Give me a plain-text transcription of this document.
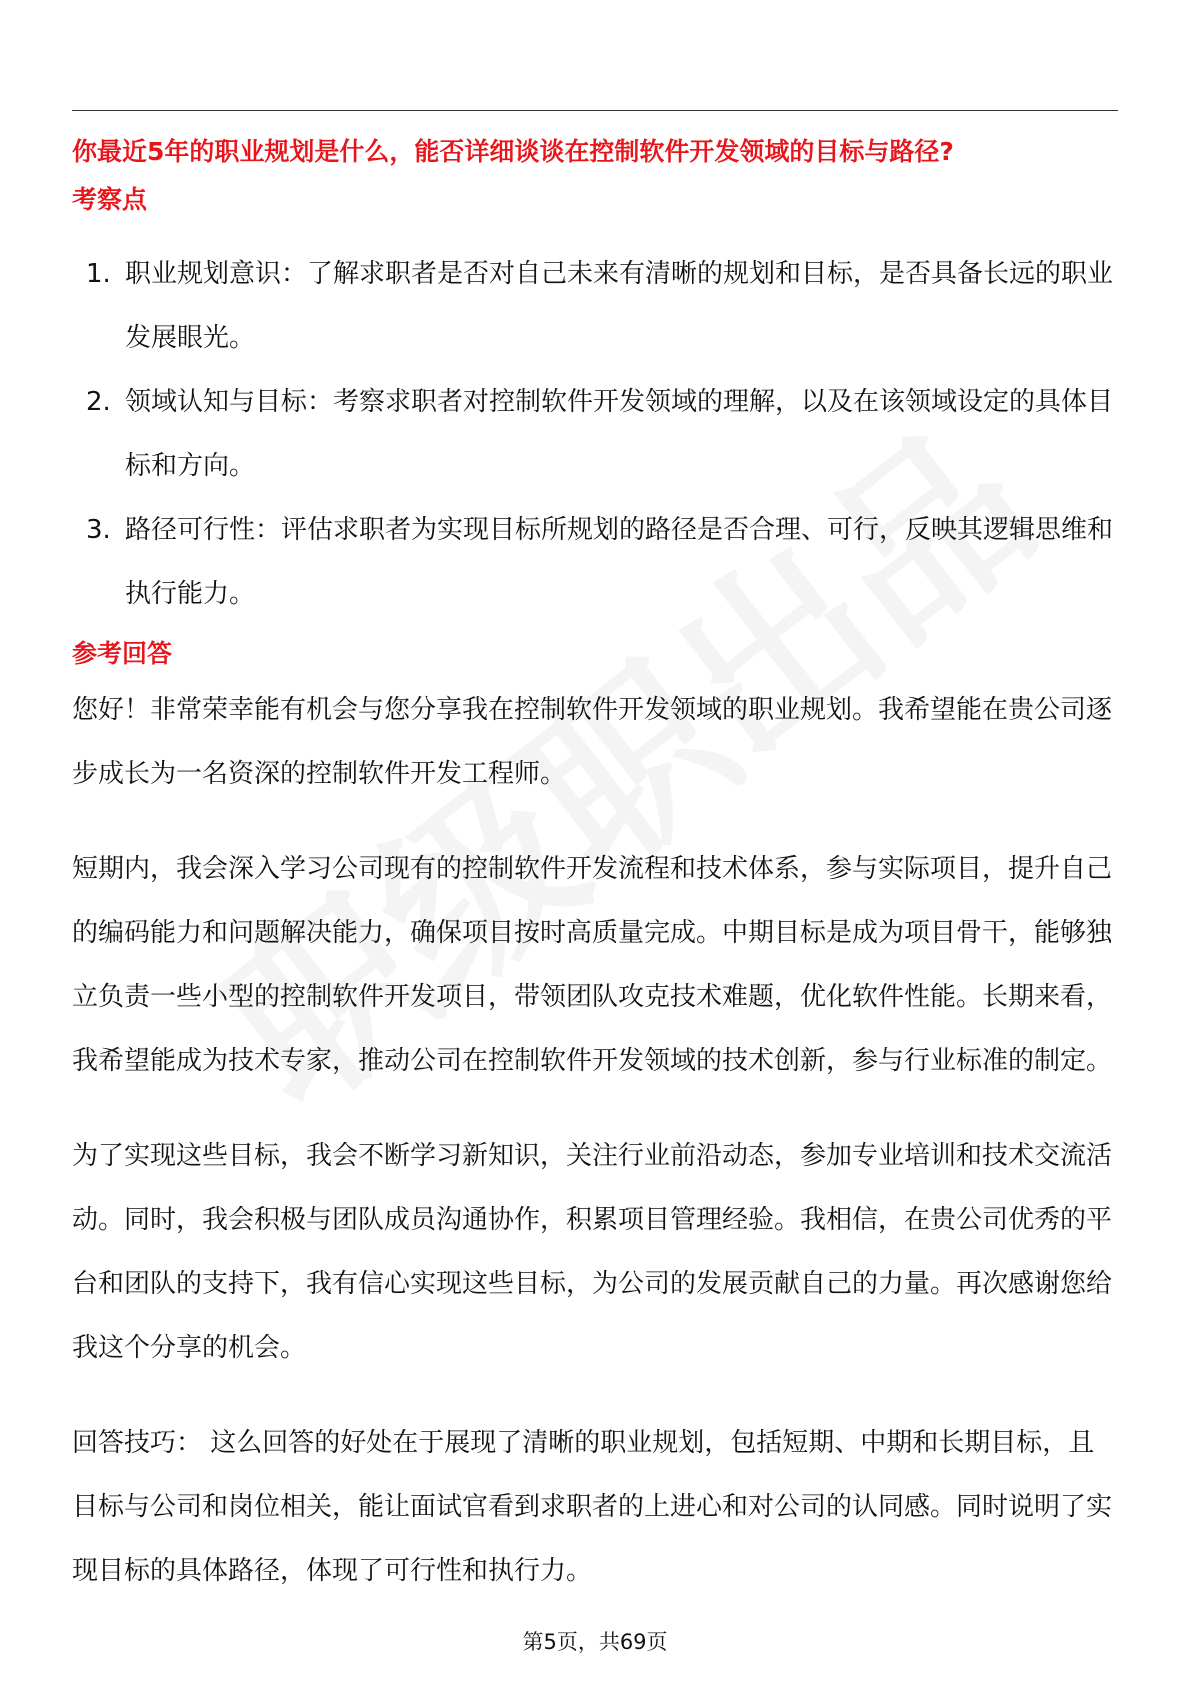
你最近5年的职业规划是什么，能否详细谈谈在控制软件开发领域的目标与路径?

考察点

1. 职业规划意识：了解求职者是否对自己未来有清晰的规划和目标，是否具备长远的职业发展眼光。
2. 领域认知与目标：考察求职者对控制软件开发领域的理解，以及在该领域设定的具体目标和方向。
3. 路径可行性：评估求职者为实现目标所规划的路径是否合理、可行，反映其逻辑思维和执行能力。

参考回答

您好！非常荣幸能有机会与您分享我在控制软件开发领域的职业规划。我希望能在贵公司逐步成长为一名资深的控制软件开发工程师。

短期内，我会深入学习公司现有的控制软件开发流程和技术体系，参与实际项目，提升自己的编码能力和问题解决能力，确保项目按时高质量完成。中期目标是成为项目骨干，能够独立负责一些小型的控制软件开发项目，带领团队攻克技术难题，优化软件性能。长期来看，我希望能成为技术专家，推动公司在控制软件开发领域的技术创新，参与行业标准的制定。

为了实现这些目标，我会不断学习新知识，关注行业前沿动态，参加专业培训和技术交流活动。同时，我会积极与团队成员沟通协作，积累项目管理经验。我相信，在贵公司优秀的平台和团队的支持下，我有信心实现这些目标，为公司的发展贡献自己的力量。再次感谢您给我这个分享的机会。

回答技巧： 这么回答的好处在于展现了清晰的职业规划，包括短期、中期和长期目标，且目标与公司和岗位相关，能让面试官看到求职者的上进心和对公司的认同感。同时说明了实现目标的具体路径，体现了可行性和执行力。

第5页，共69页
